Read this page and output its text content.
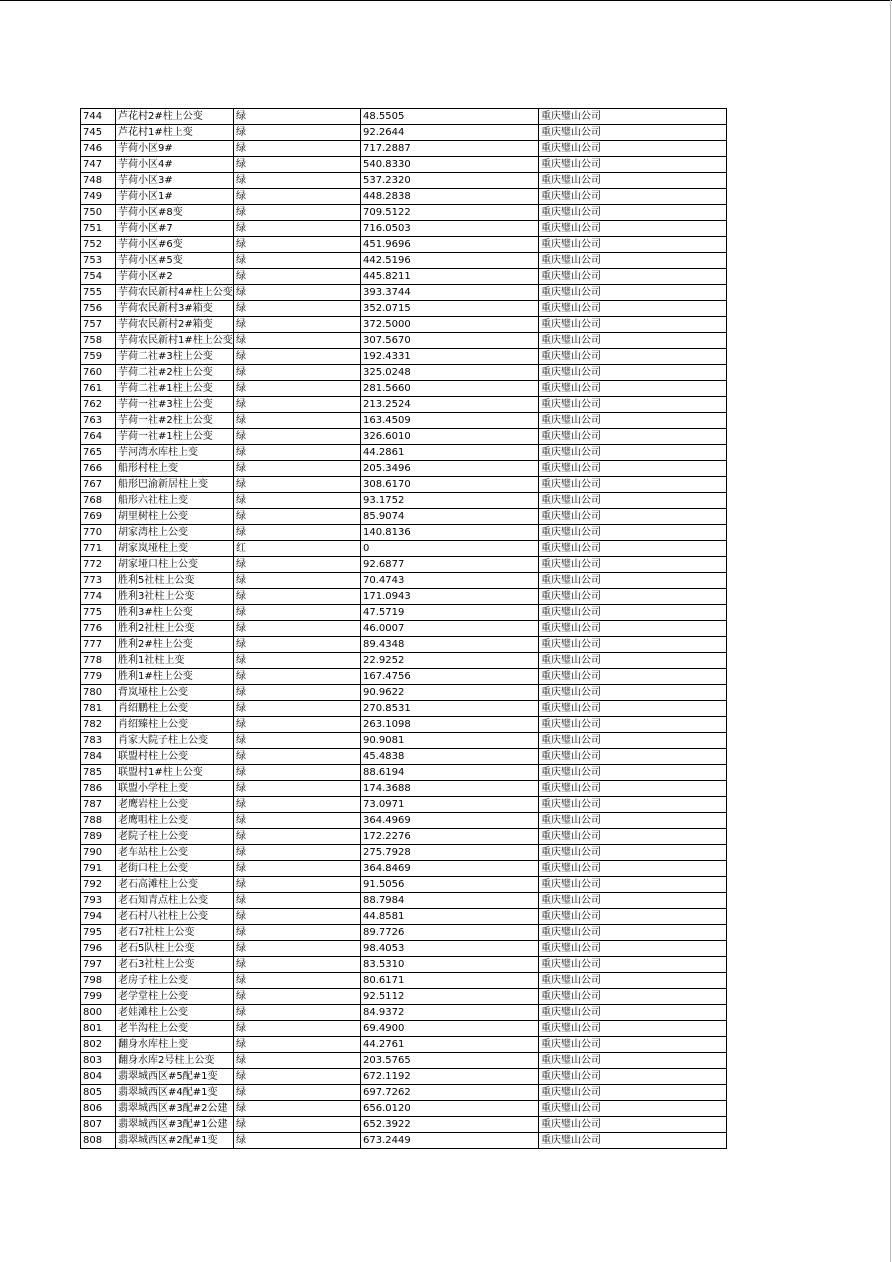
744	芦花村2#柱上公变	绿	48.5505	重庆璧山公司
745	芦花村1#柱上变	绿	92.2644	重庆璧山公司
746	芋荷小区9#	绿	717.2887	重庆璧山公司
747	芋荷小区4#	绿	540.8330	重庆璧山公司
748	芋荷小区3#	绿	537.2320	重庆璧山公司
749	芋荷小区1#	绿	448.2838	重庆璧山公司
750	芋荷小区#8变	绿	709.5122	重庆璧山公司
751	芋荷小区#7	绿	716.0503	重庆璧山公司
752	芋荷小区#6变	绿	451.9696	重庆璧山公司
753	芋荷小区#5变	绿	442.5196	重庆璧山公司
754	芋荷小区#2	绿	445.8211	重庆璧山公司
755	芋荷农民新村4#柱上公变	绿	393.3744	重庆璧山公司
756	芋荷农民新村3#箱变	绿	352.0715	重庆璧山公司
757	芋荷农民新村2#箱变	绿	372.5000	重庆璧山公司
758	芋荷农民新村1#柱上公变	绿	307.5670	重庆璧山公司
759	芋荷二社#3柱上公变	绿	192.4331	重庆璧山公司
760	芋荷二社#2柱上公变	绿	325.0248	重庆璧山公司
761	芋荷二社#1柱上公变	绿	281.5660	重庆璧山公司
762	芋荷一社#3柱上公变	绿	213.2524	重庆璧山公司
763	芋荷一社#2柱上公变	绿	163.4509	重庆璧山公司
764	芋荷一社#1柱上公变	绿	326.6010	重庆璧山公司
765	芋河湾水库柱上变	绿	44.2861	重庆璧山公司
766	船形村柱上变	绿	205.3496	重庆璧山公司
767	船形巴渝新居柱上变	绿	308.6170	重庆璧山公司
768	船形六社柱上变	绿	93.1752	重庆璧山公司
769	胡里树柱上公变	绿	85.9074	重庆璧山公司
770	胡家湾柱上公变	绿	140.8136	重庆璧山公司
771	胡家岚垭柱上变	红	0	重庆璧山公司
772	胡家垭口柱上公变	绿	92.6877	重庆璧山公司
773	胜利5社柱上公变	绿	70.4743	重庆璧山公司
774	胜利3社柱上公变	绿	171.0943	重庆璧山公司
775	胜利3#柱上公变	绿	47.5719	重庆璧山公司
776	胜利2社柱上公变	绿	46.0007	重庆璧山公司
777	胜利2#柱上公变	绿	89.4348	重庆璧山公司
778	胜利1社柱上变	绿	22.9252	重庆璧山公司
779	胜利1#柱上公变	绿	167.4756	重庆璧山公司
780	背岚垭柱上公变	绿	90.9622	重庆璧山公司
781	肖绍鹏柱上公变	绿	270.8531	重庆璧山公司
782	肖绍臻柱上公变	绿	263.1098	重庆璧山公司
783	肖家大院子柱上公变	绿	90.9081	重庆璧山公司
784	联盟村柱上公变	绿	45.4838	重庆璧山公司
785	联盟村1#柱上公变	绿	88.6194	重庆璧山公司
786	联盟小学柱上变	绿	174.3688	重庆璧山公司
787	老鹰岩柱上公变	绿	73.0971	重庆璧山公司
788	老鹰咀柱上公变	绿	364.4969	重庆璧山公司
789	老院子柱上公变	绿	172.2276	重庆璧山公司
790	老车站柱上公变	绿	275.7928	重庆璧山公司
791	老街口柱上公变	绿	364.8469	重庆璧山公司
792	老石高滩柱上公变	绿	91.5056	重庆璧山公司
793	老石知青点柱上公变	绿	88.7984	重庆璧山公司
794	老石村八社柱上公变	绿	44.8581	重庆璧山公司
795	老石7社柱上公变	绿	89.7726	重庆璧山公司
796	老石5队柱上公变	绿	98.4053	重庆璧山公司
797	老石3社柱上公变	绿	83.5310	重庆璧山公司
798	老房子柱上公变	绿	80.6171	重庆璧山公司
799	老学堂柱上公变	绿	92.5112	重庆璧山公司
800	老娃滩柱上公变	绿	84.9372	重庆璧山公司
801	老半沟柱上公变	绿	69.4900	重庆璧山公司
802	翻身水库柱上变	绿	44.2761	重庆璧山公司
803	翻身水库2号柱上公变	绿	203.5765	重庆璧山公司
804	翡翠城西区#5配#1变	绿	672.1192	重庆璧山公司
805	翡翠城西区#4配#1变	绿	697.7262	重庆璧山公司
806	翡翠城西区#3配#2公建	绿	656.0120	重庆璧山公司
807	翡翠城西区#3配#1公建	绿	652.3922	重庆璧山公司
808	翡翠城西区#2配#1变	绿	673.2449	重庆璧山公司
